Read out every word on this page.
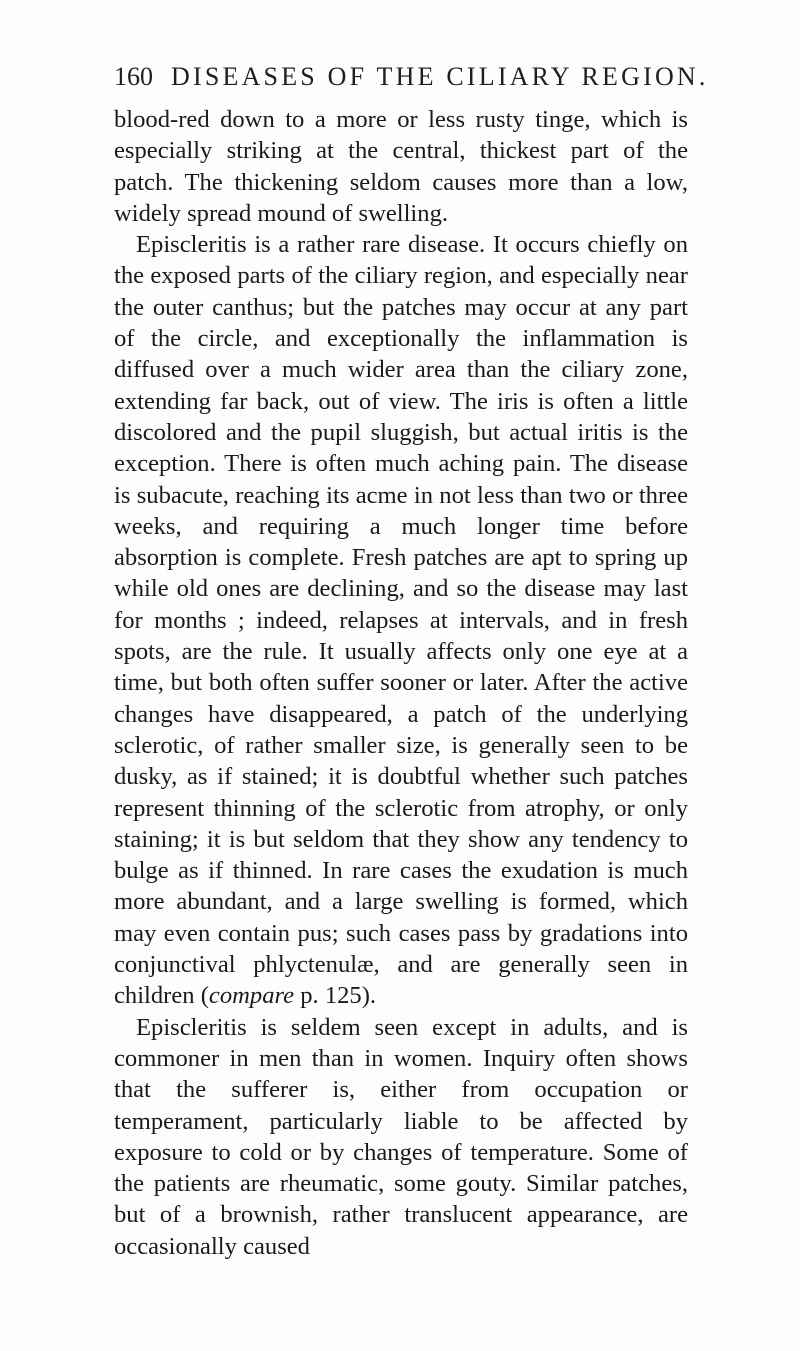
160 DISEASES OF THE CILIARY REGION.

blood-red down to a more or less rusty tinge, which is especially striking at the central, thickest part of the patch. The thickening seldom causes more than a low, widely spread mound of swelling.

Episcleritis is a rather rare disease. It occurs chiefly on the exposed parts of the ciliary region, and especially near the outer canthus; but the patches may occur at any part of the circle, and exceptionally the inflammation is diffused over a much wider area than the ciliary zone, extending far back, out of view. The iris is often a little discolored and the pupil sluggish, but actual iritis is the exception. There is often much aching pain. The disease is subacute, reaching its acme in not less than two or three weeks, and requiring a much longer time before absorption is complete. Fresh patches are apt to spring up while old ones are declining, and so the disease may last for months ; indeed, relapses at intervals, and in fresh spots, are the rule. It usually affects only one eye at a time, but both often suffer sooner or later. After the active changes have disappeared, a patch of the underlying sclerotic, of rather smaller size, is generally seen to be dusky, as if stained; it is doubtful whether such patches represent thinning of the sclerotic from atrophy, or only staining; it is but seldom that they show any tendency to bulge as if thinned. In rare cases the exudation is much more abundant, and a large swelling is formed, which may even contain pus; such cases pass by gradations into conjunctival phlyctenulæ, and are generally seen in children (compare p. 125).

Episcleritis is seldem seen except in adults, and is commoner in men than in women. Inquiry often shows that the sufferer is, either from occupation or temperament, particularly liable to be affected by exposure to cold or by changes of temperature. Some of the patients are rheumatic, some gouty. Similar patches, but of a brownish, rather translucent appearance, are occasionally caused
